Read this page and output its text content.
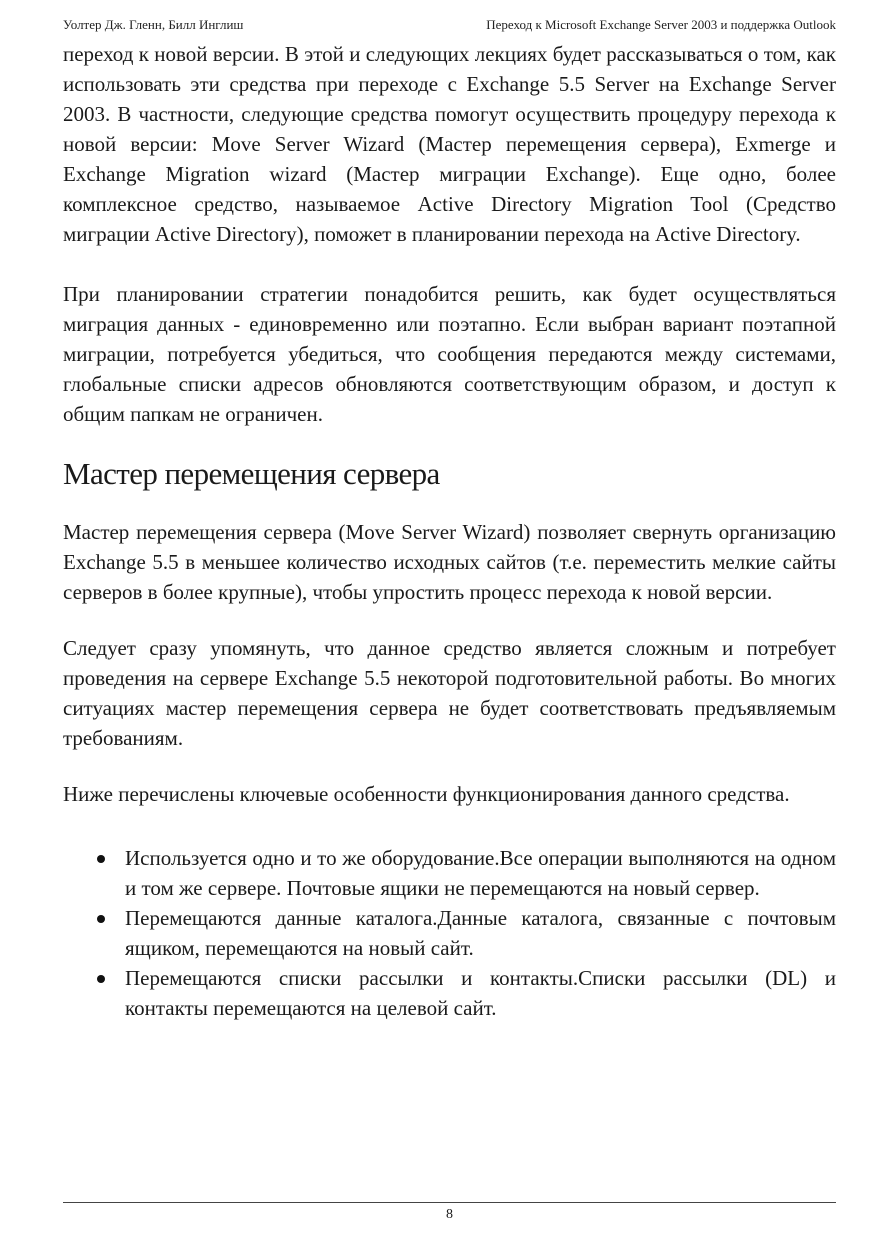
Уолтер Дж. Гленн, Билл Инглиш	Переход к Microsoft Exchange Server 2003 и поддержка Outlook

переход к новой версии. В этой и следующих лекциях будет рассказываться о том, как использовать эти средства при переходе с Exchange 5.5 Server на Exchange Server 2003. В частности, следующие средства помогут осуществить процедуру перехода к новой версии: Move Server Wizard (Мастер перемещения сервера), Exmerge и Exchange Migration wizard (Мастер миграции Exchange). Еще одно, более комплексное средство, называемое Active Directory Migration Tool (Средство миграции Active Directory), поможет в планировании перехода на Active Directory.

При планировании стратегии понадобится решить, как будет осуществляться миграция данных - единовременно или поэтапно. Если выбран вариант поэтапной миграции, потребуется убедиться, что сообщения передаются между системами, глобальные списки адресов обновляются соответствующим образом, и доступ к общим папкам не ограничен.

Мастер перемещения сервера

Мастер перемещения сервера (Move Server Wizard) позволяет свернуть организацию Exchange 5.5 в меньшее количество исходных сайтов (т.е. переместить мелкие сайты серверов в более крупные), чтобы упростить процесс перехода к новой версии.

Следует сразу упомянуть, что данное средство является сложным и потребует проведения на сервере Exchange 5.5 некоторой подготовительной работы. Во многих ситуациях мастер перемещения сервера не будет соответствовать предъявляемым требованиям.

Ниже перечислены ключевые особенности функционирования данного средства.

Используется одно и то же оборудование.Все операции выполняются на одном и том же сервере. Почтовые ящики не перемещаются на новый сервер.
Перемещаются данные каталога.Данные каталога, связанные с почтовым ящиком, перемещаются на новый сайт.
Перемещаются списки рассылки и контакты.Списки рассылки (DL) и контакты перемещаются на целевой сайт.
8
